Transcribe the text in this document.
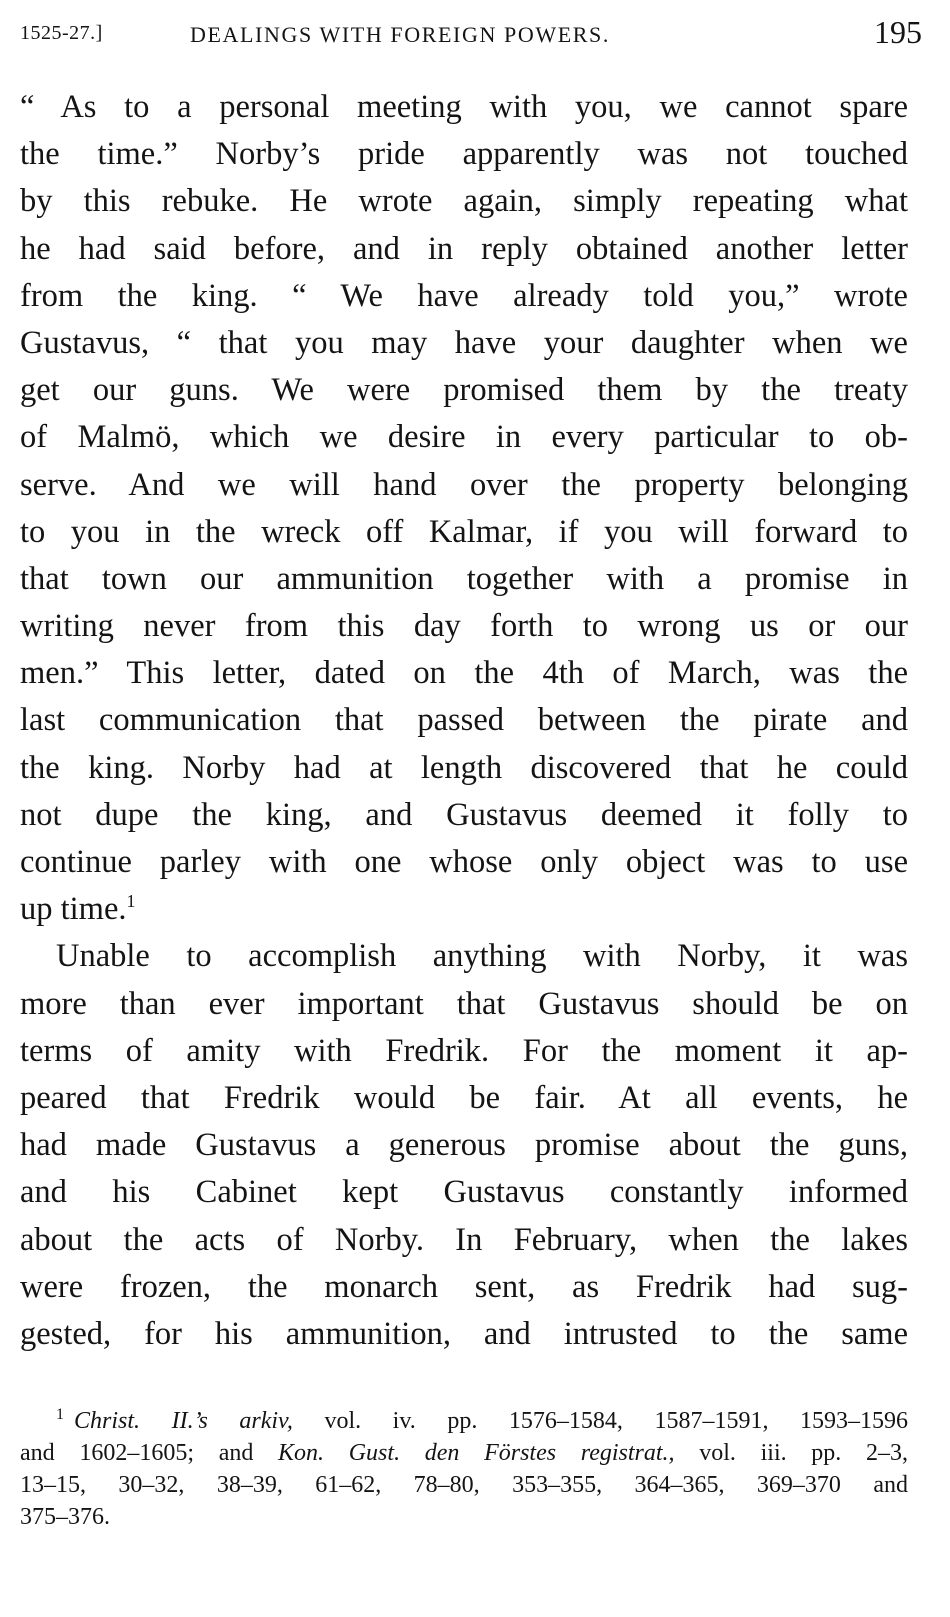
1525-27.]	DEALINGS WITH FOREIGN POWERS.	195
“ As to a personal meeting with you, we cannot spare
the time.” Norby’s pride apparently was not touched
by this rebuke. He wrote again, simply repeating what
he had said before, and in reply obtained another letter
from the king. “ We have already told you,” wrote
Gustavus, “ that you may have your daughter when we
get our guns. We were promised them by the treaty
of Malmö, which we desire in every particular to ob-
serve. And we will hand over the property belonging
to you in the wreck off Kalmar, if you will forward to
that town our ammunition together with a promise in
writing never from this day forth to wrong us or our
men.” This letter, dated on the 4th of March, was the
last communication that passed between the pirate and
the king. Norby had at length discovered that he could
not dupe the king, and Gustavus deemed it folly to
continue parley with one whose only object was to use
up time.$^1$
Unable to accomplish anything with Norby, it was
more than ever important that Gustavus should be on
terms of amity with Fredrik. For the moment it ap-
peared that Fredrik would be fair. At all events, he
had made Gustavus a generous promise about the guns,
and his Cabinet kept Gustavus constantly informed
about the acts of Norby. In February, when the lakes
were frozen, the monarch sent, as Fredrik had sug-
gested, for his ammunition, and intrusted to the same
$^1$ Christ. II.’s arkiv, vol. iv. pp. 1576–1584, 1587–1591, 1593–1596
and 1602–1605; and Kon. Gust. den Förstes registrat., vol. iii. pp. 2–3,
13–15, 30–32, 38–39, 61–62, 78–80, 353–355, 364–365, 369–370 and
375–376.
